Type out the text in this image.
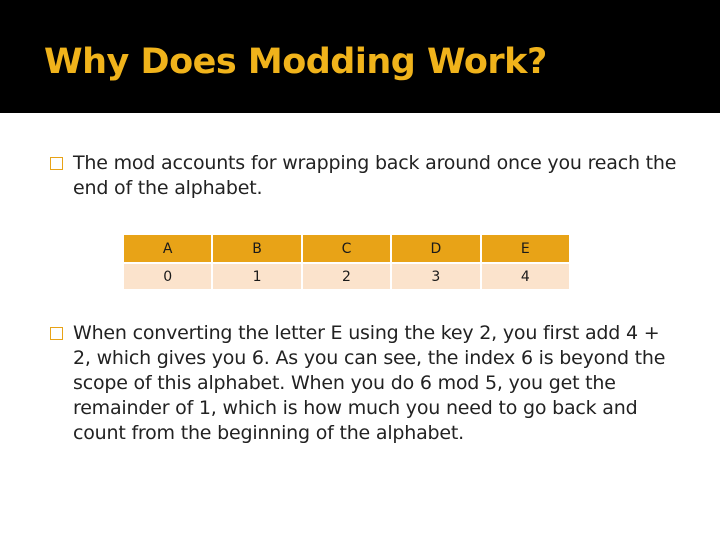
Why Does Modding Work?
The mod accounts for wrapping back around once you reach the end of the alphabet.
A	B	C	D	E
0	1	2	3	4
When converting the letter E using the key 2, you first add 4 + 2, which gives you 6. As you can see, the index 6 is beyond the scope of this alphabet. When you do 6 mod 5, you get the remainder of 1, which is how much you need to go back and count from the beginning of the alphabet.
